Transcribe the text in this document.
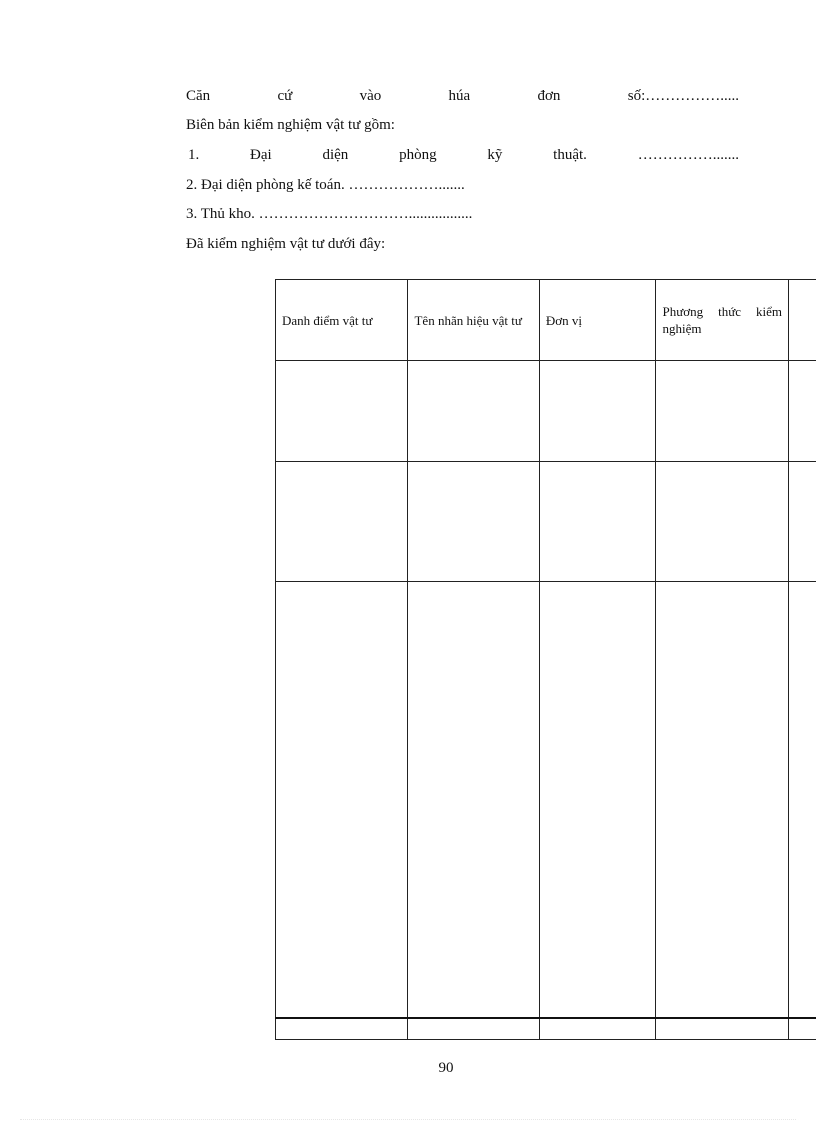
Căn	cứ	vào	húa	đơn	số:…………….....
Biên bản kiểm nghiệm vật tư gồm:
1.	Đại	diện	phòng	kỹ	thuật.	…………….......
2. Đại diện phòng kế toán. ……………….......
3. Thủ kho. ………………………….................
Đã kiểm nghiệm vật tư dưới đây:
Danh điểm vật tư	Tên nhãn hiệu vật tư	Đơn vị	Phương thức kiểm nghiệm	

90
